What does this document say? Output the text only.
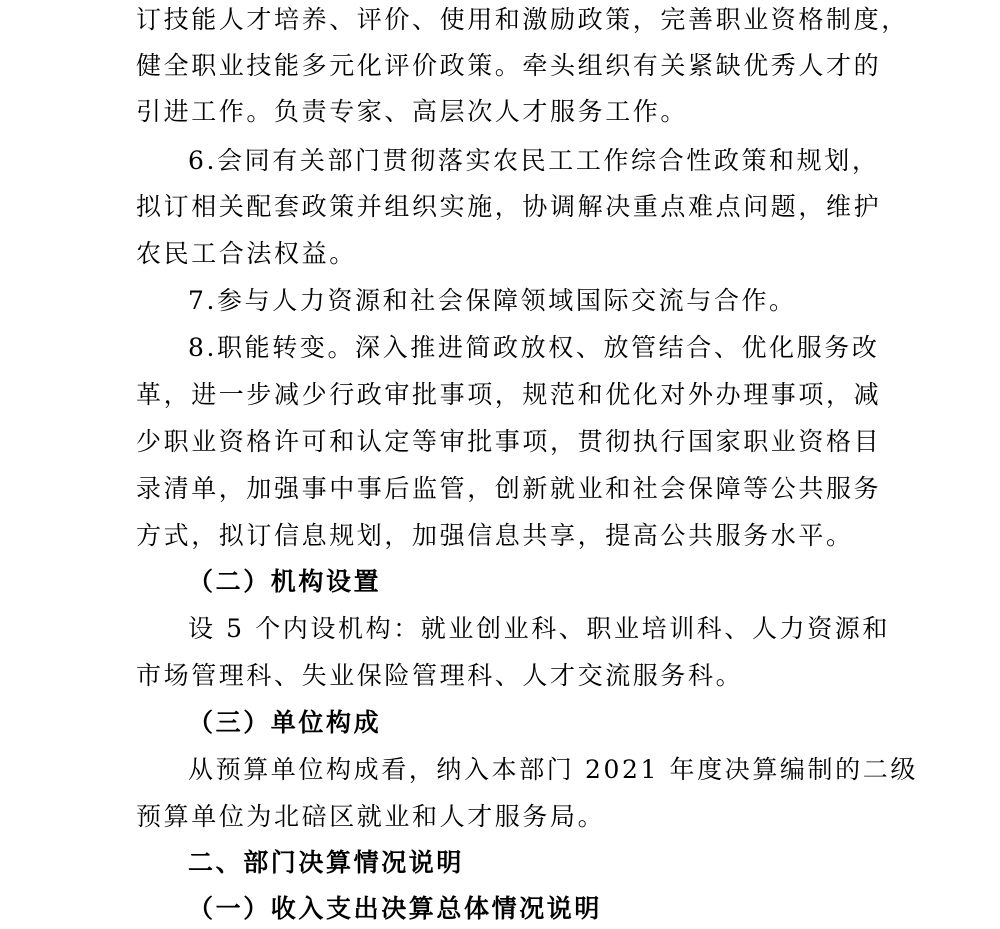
订技能人才培养、评价、使用和激励政策，完善职业资格制度，
健全职业技能多元化评价政策。牵头组织有关紧缺优秀人才的
引进工作。负责专家、高层次人才服务工作。
6.会同有关部门贯彻落实农民工工作综合性政策和规划，
拟订相关配套政策并组织实施，协调解决重点难点问题，维护
农民工合法权益。
7.参与人力资源和社会保障领域国际交流与合作。
8.职能转变。深入推进简政放权、放管结合、优化服务改
革，进一步减少行政审批事项，规范和优化对外办理事项，减
少职业资格许可和认定等审批事项，贯彻执行国家职业资格目
录清单，加强事中事后监管，创新就业和社会保障等公共服务
方式，拟订信息规划，加强信息共享，提高公共服务水平。
（二）机构设置
设 5 个内设机构：就业创业科、职业培训科、人力资源和
市场管理科、失业保险管理科、人才交流服务科。
（三）单位构成
从预算单位构成看，纳入本部门 2021 年度决算编制的二级
预算单位为北碚区就业和人才服务局。
二、部门决算情况说明
（一）收入支出决算总体情况说明
